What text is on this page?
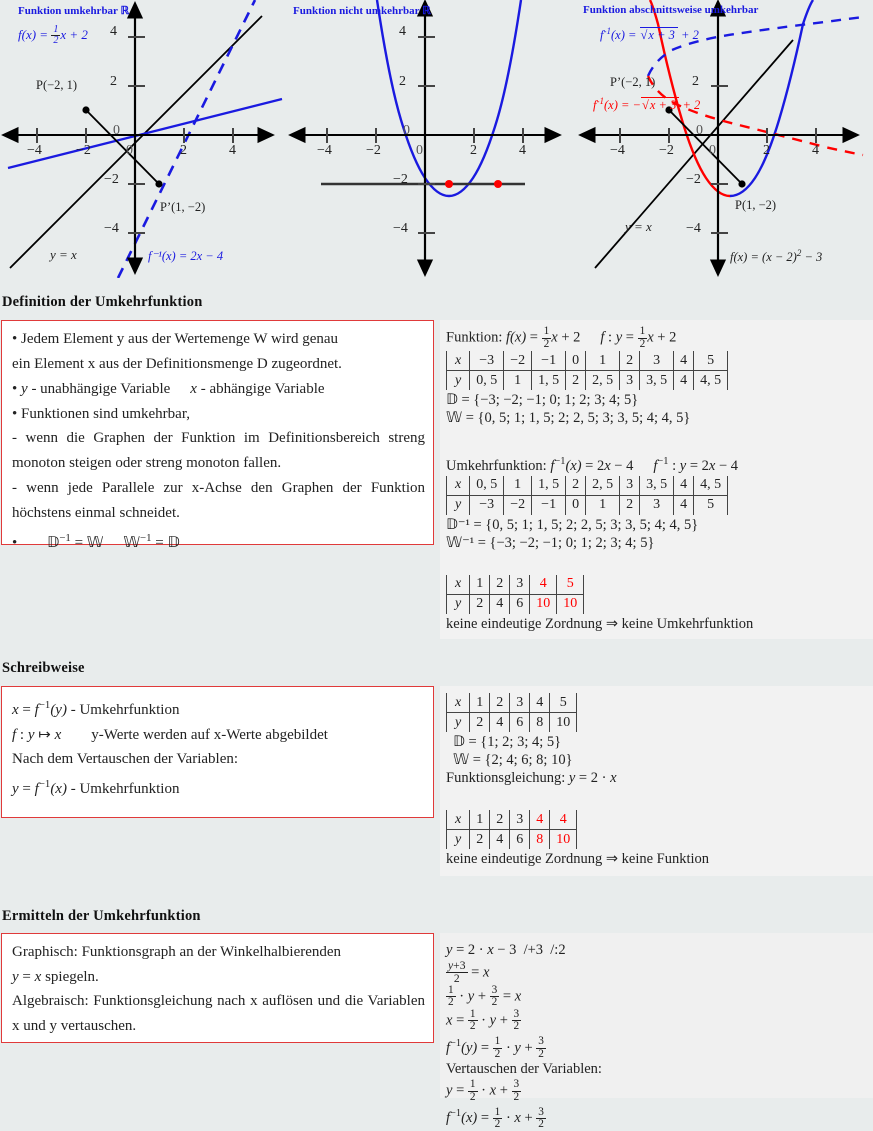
Funktion umkehrbar ℝ
$f(x) = \frac{1}{2}$ x + 2
P(−2, 1)
P’(1, −2)
y = x	f⁻¹(x) = 2x − 4
4
2
−2
−4
−4 −2	2	4
0
0
Funktion nicht umkehrbar ℝ
4
2
−2
−4
−4 −2	2	4
0
0
Funktion abschnittsweise umkehrbar
$f^{-1}(x) = √x + 3 + 2$
$f^{-1}(x) = -√x + 3 + 2$
P’(−2, 1)
P(1, −2)
y = x
$f(x) = (x - 2)^2 - 3$
2
−2
−4
−4 −2	2	4
0
0
Definition der Umkehrfunktion
• Jedem Element y aus der Wertemenge W wird genau
ein Element x aus der Definitionsmenge D zugeordnet.
• y - unabhängige Variable x - abhängige Variable
• Funktionen sind umkehrbar,
- wenn die Graphen der Funktion im Definitionsbereich streng monoton steigen oder streng monoton fallen.
- wenn jede Parallele zur x-Achse den Graphen der Funktion höchstens einmal schneidet.
• 𝔻$^{-1}$ = 𝕎 𝕎$^{-1}$ = 𝔻
Funktion: $f(x) = \frac{1}{2}$ x + 2 f : $y = \frac{1}{2}$ x + 2
x	−3	−2	−1	0	1	2	3	4	5
y	0, 5	1	1, 5	2	2, 5	3	3, 5	4	4, 5
𝔻 = {−3; −2; −1; 0; 1; 2; 3; 4; 5}
𝕎 = {0, 5; 1; 1, 5; 2; 2, 5; 3; 3, 5; 4; 4, 5}
Umkehrfunktion: $f^{-1}(x) = 2x - 4$ $f^{-1}$ : y = 2x − 4
x	0, 5	1	1, 5	2	2, 5	3	3, 5	4	4, 5
y	−3	−2	−1	0	1	2	3	4	5
𝔻⁻¹ = {0, 5; 1; 1, 5; 2; 2, 5; 3; 3, 5; 4; 4, 5}
𝕎⁻¹ = {−3; −2; −1; 0; 1; 2; 3; 4; 5}
x	1	2	3	4	5
y	2	4	6	10	10
keine eindeutige Zordnung ⇒ keine Umkehrfunktion
Schreibweise
$x = f^{-1}(y)$ - Umkehrfunktion
f : y ↦ x y-Werte werden auf x-Werte abgebildet
Nach dem Vertauschen der Variablen:
$y = f^{-1}(x)$ - Umkehrfunktion
x	1	2	3	4	5
y	2	4	6	8	10
𝔻 = {1; 2; 3; 4; 5}
𝕎 = {2; 4; 6; 8; 10}
Funktionsgleichung: y = 2 · x
x	1	2	3	4	4
y	2	4	6	8	10
keine eindeutige Zordnung ⇒ keine Funktion
Ermitteln der Umkehrfunktion
Graphisch: Funktionsgraph an der Winkelhalbierenden
y = x spiegeln.
Algebraisch: Funktionsgleichung nach x auflösen und die Variablen x und y vertauschen.
y = 2 · x − 3  /+3  /:2
$\frac{y+3}{2} = x$
$\frac{1}{2} \cdot y + \frac{3}{2} = x$
$x = \frac{1}{2} \cdot y + \frac{3}{2}$
$f^{-1}(y) = \frac{1}{2} \cdot y + \frac{3}{2}$
Vertauschen der Variablen:
$y = \frac{1}{2} \cdot x + \frac{3}{2}$
$f^{-1}(x) = \frac{1}{2} \cdot x + \frac{3}{2}$
